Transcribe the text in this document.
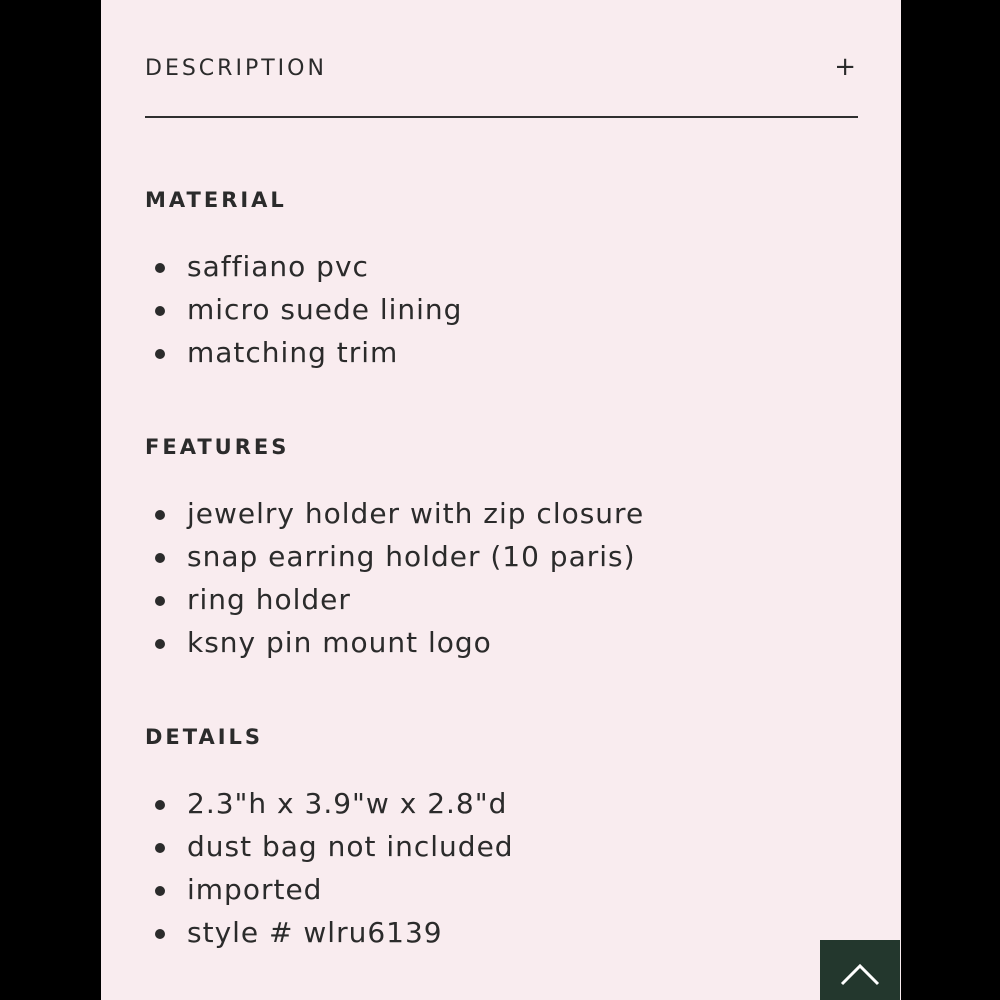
DESCRIPTION	+
MATERIAL
saffiano pvc
micro suede lining
matching trim
FEATURES
jewelry holder with zip closure
snap earring holder (10 paris)
ring holder
ksny pin mount logo
DETAILS
2.3"h x 3.9"w x 2.8"d
dust bag not included
imported
style # wlru6139
